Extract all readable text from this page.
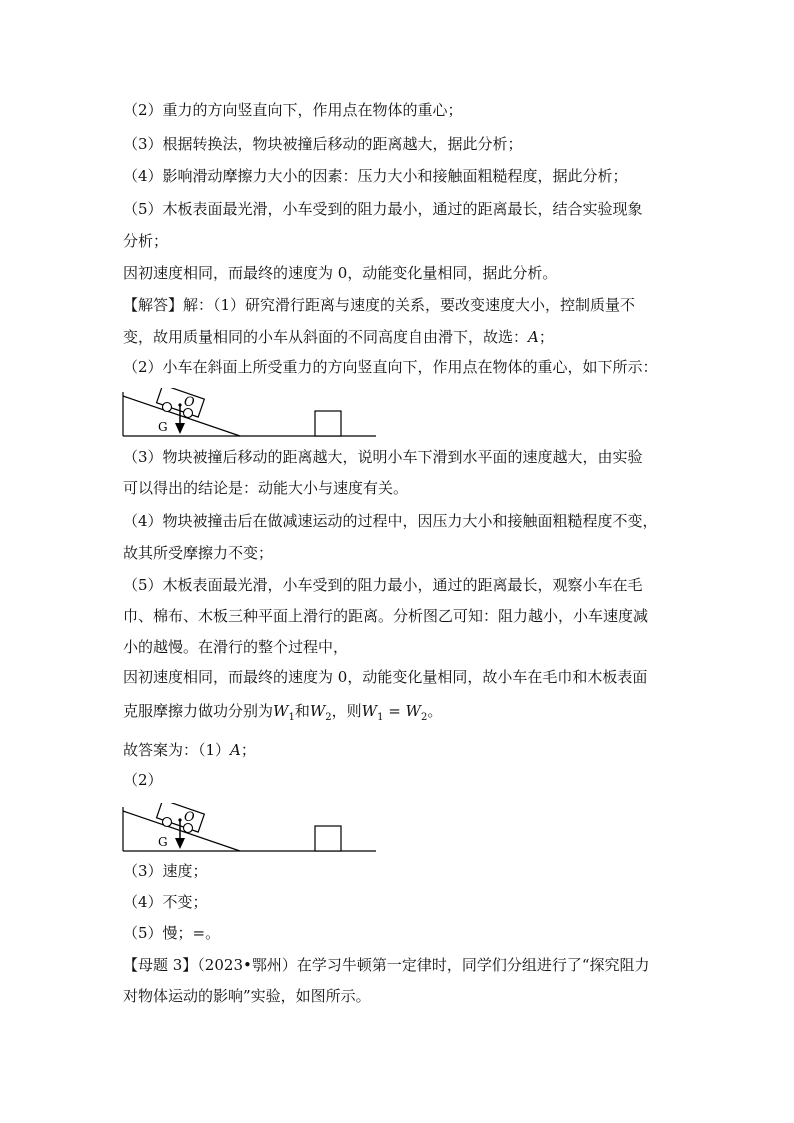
（2）重力的方向竖直向下，作用点在物体的重心；
（3）根据转换法，物块被撞后移动的距离越大，据此分析；
（4）影响滑动摩擦力大小的因素：压力大小和接触面粗糙程度，据此分析；
（5）木板表面最光滑，小车受到的阻力最小，通过的距离最长，结合实验现象
分析；
因初速度相同，而最终的速度为 0，动能变化量相同，据此分析。
【解答】解：（1）研究滑行距离与速度的关系，要改变速度大小，控制质量不
变，故用质量相同的小车从斜面的不同高度自由滑下，故选：A；
（2）小车在斜面上所受重力的方向竖直向下，作用点在物体的重心，如下所示：
O
G
（3）物块被撞后移动的距离越大，说明小车下滑到水平面的速度越大，由实验
可以得出的结论是：动能大小与速度有关。
（4）物块被撞击后在做减速运动的过程中，因压力大小和接触面粗糙程度不变，
故其所受摩擦力不变；
（5）木板表面最光滑，小车受到的阻力最小，通过的距离最长，观察小车在毛
巾、棉布、木板三种平面上滑行的距离。分析图乙可知：阻力越小，小车速度减
小的越慢。在滑行的整个过程中，
因初速度相同，而最终的速度为 0，动能变化量相同，故小车在毛巾和木板表面
克服摩擦力做功分别为$W_1$和$W_2$，则$W_1 = W_2$。
故答案为：（1）A；
（2）
O
G
（3）速度；
（4）不变；
（5）慢；=。
【母题 3】（2023•鄂州）在学习牛顿第一定律时，同学们分组进行了“探究阻力
对物体运动的影响”实验，如图所示。
